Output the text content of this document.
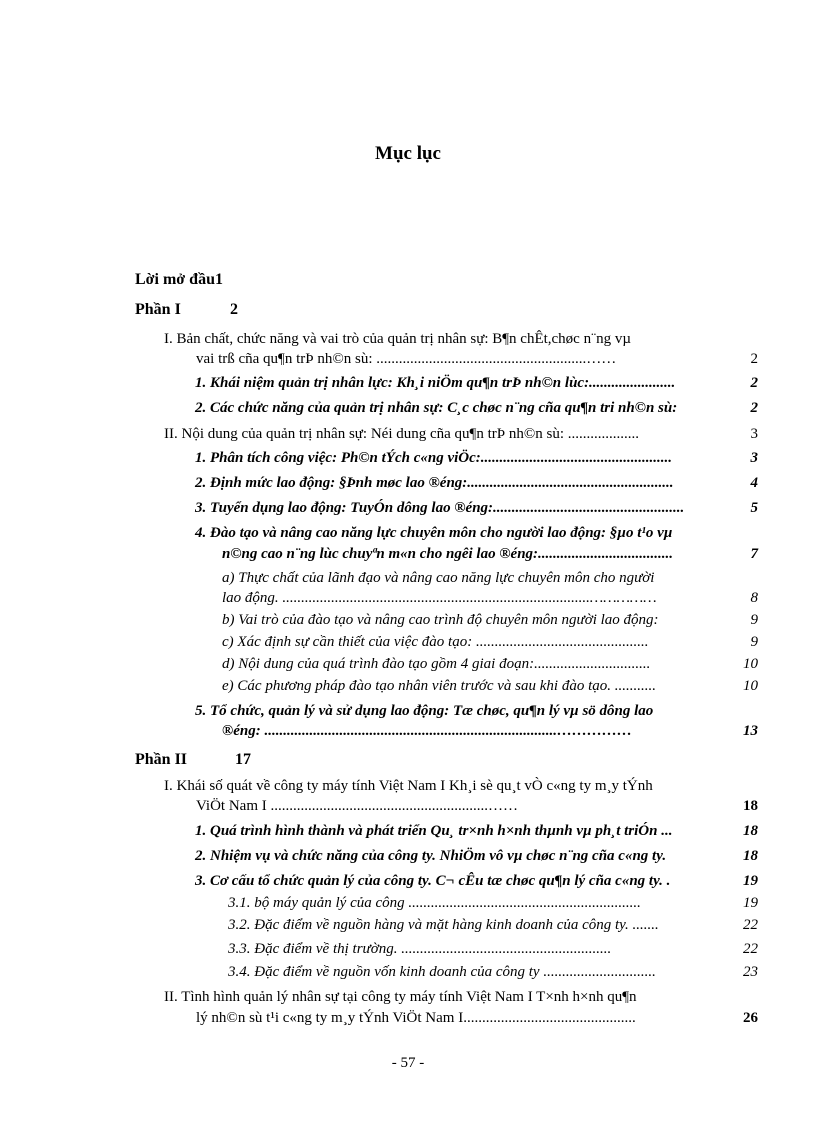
Mục lục
Lời mở đầu1
Phần I	2
I. Bản chất, chức năng và vai trò của quản trị nhân sự: B¶n chÊt,chøc n¨ng vµ
vai trß cña qu¶n trÞ nh©n sù: ........................................................……	2
1. Khái niệm quản trị nhân lực: Kh¸i niÖm qu¶n trÞ nh©n lùc:.......................	2
2. Các chức năng của quản trị nhân sự: C¸c chøc n¨ng cña qu¶n tri nh©n sù:	2
II. Nội dung của quản trị nhân sự: Néi dung cña qu¶n trÞ nh©n sù: ...................	3
1. Phân tích công việc: Ph©n tÝch c«ng viÖc:...................................................	3
2. Định mức lao động: §Þnh møc lao ®éng:.......................................................	4
3. Tuyển dụng lao động: TuyÓn dông lao ®éng:...................................................	5
4. Đào tạo và nâng cao năng lực chuyên môn cho người lao động: §µo t¹o vµ
n©ng cao n¨ng lùc chuyªn m«n cho ngêi lao ®éng:....................................	7
a) Thực chất của lãnh đạo và nâng cao năng lực chuyên môn cho người
lao động. ..................................................................................……………	8
b) Vai trò của đào tạo và nâng cao trình độ chuyên môn người lao động:	9
c) Xác định sự cần thiết của việc đào tạo: ..............................................	9
d) Nội dung của quá trình đào tạo gồm 4 giai đoạn:...............................	10
e) Các phương pháp đào tạo nhân viên trước và sau khi đào tạo. ...........	10
5. Tổ chức, quản lý và sử dụng lao động: Tæ chøc, qu¶n lý vµ sö dông lao
®éng: ..............................................................................……………	13
Phần II	17
I. Khái số quát về công ty máy tính Việt Nam I Kh¸i sè qu¸t vÒ c«ng ty m¸y tÝnh
ViÖt Nam I ..........................................................……	18
1. Quá trình hình thành và phát triển Qu¸ tr×nh h×nh thµnh vµ ph¸t triÓn ...	18
2. Nhiệm vụ và chức năng của công ty. NhiÖm vô vµ chøc n¨ng cña c«ng ty.	18
3. Cơ cấu tổ chức quản lý của công ty. C¬ cÊu tæ chøc qu¶n lý cña c«ng ty. .	19
3.1. bộ máy quản lý của công ..............................................................	19
3.2. Đặc điểm về nguồn hàng và mặt hàng kinh doanh của công ty. .......	22
3.3. Đặc điểm về thị trường. ........................................................	22
3.4. Đặc điểm về nguồn vốn kinh doanh của công ty ..............................	23
II. Tình hình quản lý nhân sự tại công ty máy tính Việt Nam I T×nh h×nh qu¶n
lý nh©n sù t¹i c«ng ty m¸y tÝnh ViÖt Nam I..............................................	26
- 57 -
